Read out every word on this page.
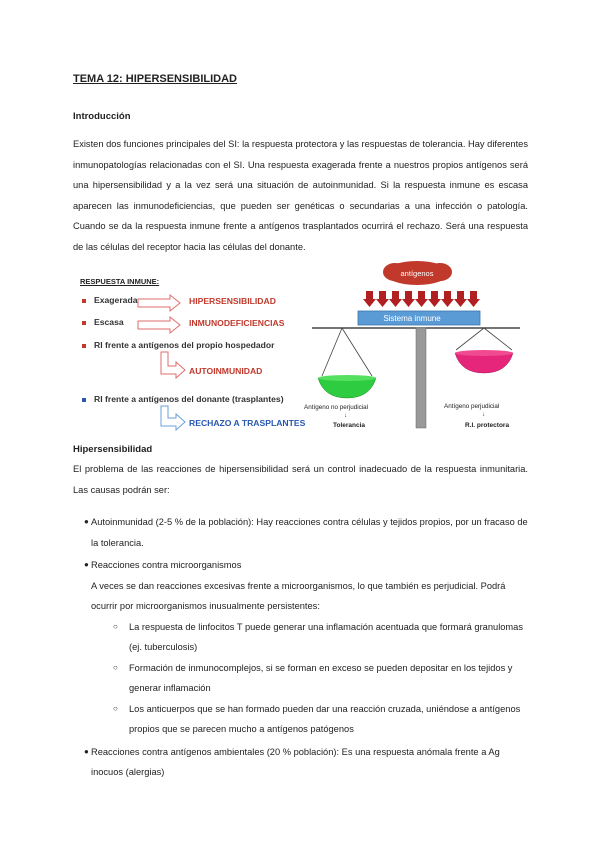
TEMA 12: HIPERSENSIBILIDAD
Introducción
Existen dos funciones principales del SI: la respuesta protectora y las respuestas de tolerancia. Hay diferentes inmunopatologías relacionadas con el SI. Una respuesta exagerada frente a nuestros propios antígenos será una hipersensibilidad y a la vez será una situación de autoinmunidad. Si la respuesta inmune es escasa aparecen las inmunodeficiencias, que pueden ser genéticas o secundarias a una infección o patología. Cuando se da la respuesta inmune frente a antígenos trasplantados ocurrirá el rechazo. Será una respuesta de las células del receptor hacia las células del donante.
RESPUESTA INMUNE:
Exagerada	HIPERSENSIBILIDAD
Escasa	INMUNODEFICIENCIAS
RI frente a antígenos del propio hospedador
AUTOINMUNIDAD
RI frente a antígenos del donante (trasplantes)
RECHAZO A TRASPLANTES
antígenos
Sistema inmune
Antígeno no perjudicial
↓
Tolerancia
Antígeno perjudicial
↓
R.I. protectora
Hipersensibilidad
El problema de las reacciones de hipersensibilidad será un control inadecuado de la respuesta inmunitaria. Las causas podrán ser:
● Autoinmunidad (2-5 % de la población): Hay reacciones contra células y tejidos propios, por un fracaso de la tolerancia.
● Reacciones contra microorganismos
A veces se dan reacciones excesivas frente a microorganismos, lo que también es perjudicial. Podrá ocurrir por microorganismos inusualmente persistentes:
○ La respuesta de linfocitos T puede generar una inflamación acentuada que formará granulomas (ej. tuberculosis)
○ Formación de inmunocomplejos, si se forman en exceso se pueden depositar en los tejidos y generar inflamación
○ Los anticuerpos que se han formado pueden dar una reacción cruzada, uniéndose a antígenos propios que se parecen mucho a antígenos patógenos
● Reacciones contra antígenos ambientales (20 % población): Es una respuesta anómala frente a Ag inocuos (alergias)
